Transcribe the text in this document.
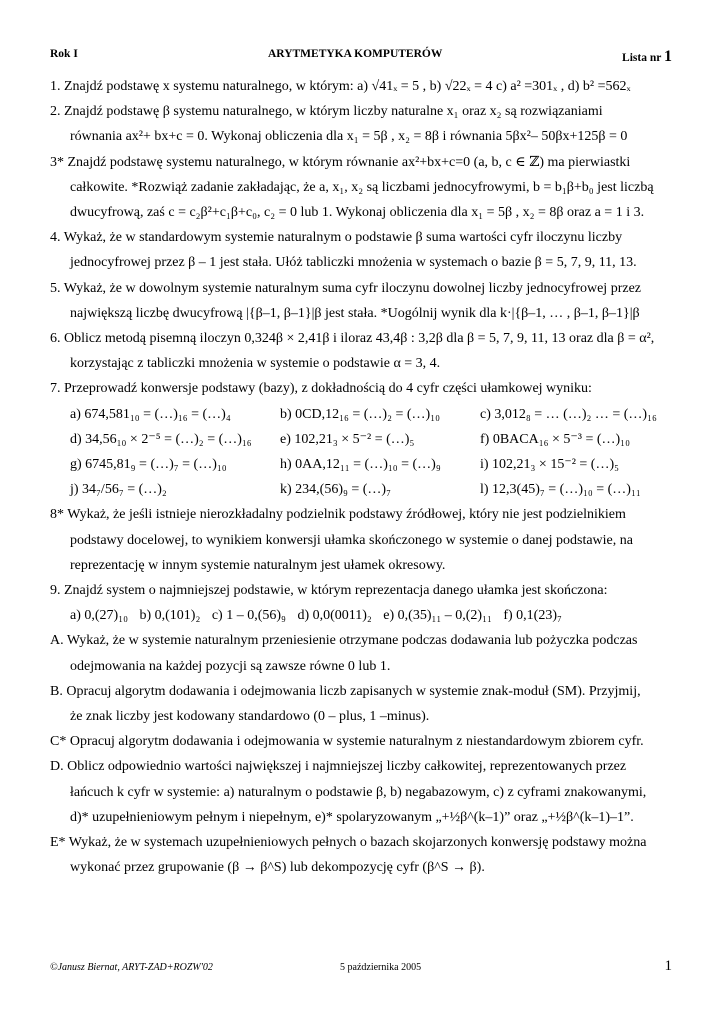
Rok I	ARYTMETYKA KOMPUTERÓW	Lista nr 1
1. Znajdź podstawę x systemu naturalnego, w którym: a) √41ₓ = 5 , b) √22ₓ = 4 c) a² =301ₓ , d) b² =562ₓ
2. Znajdź podstawę β systemu naturalnego, w którym liczby naturalne x₁ oraz x₂ są rozwiązaniami
równania ax²+ bx+c = 0. Wykonaj obliczenia dla x₁ = 5β , x₂ = 8β i równania 5βx²– 50βx+125β = 0
3* Znajdź podstawę systemu naturalnego, w którym równanie ax²+bx+c=0 (a, b, c ∈ ℤ) ma pierwiastki
całkowite. *Rozwiąż zadanie zakładając, że a, x₁, x₂ są liczbami jednocyfrowymi, b = b₁β+b₀ jest liczbą
dwucyfrową, zaś c = c₂β²+c₁β+c₀, c₂ = 0 lub 1. Wykonaj obliczenia dla x₁ = 5β , x₂ = 8β oraz a = 1 i 3.
4. Wykaż, że w standardowym systemie naturalnym o podstawie β suma wartości cyfr iloczynu liczby
jednocyfrowej przez β – 1 jest stała. Ułóż tabliczki mnożenia w systemach o bazie β = 5, 7, 9, 11, 13.
5. Wykaż, że w dowolnym systemie naturalnym suma cyfr iloczynu dowolnej liczby jednocyfrowej przez
największą liczbę dwucyfrową |{β–1, β–1}|β jest stała. *Uogólnij wynik dla k·|{β–1, … , β–1, β–1}|β
6. Oblicz metodą pisemną iloczyn 0,324β × 2,41β i iloraz 43,4β : 3,2β dla β = 5, 7, 9, 11, 13 oraz dla β = α²,
korzystając z tabliczki mnożenia w systemie o podstawie α = 3, 4.
7. Przeprowadź konwersje podstawy (bazy), z dokładnością do 4 cyfr części ułamkowej wyniku:
a) 674,581₁₀ = (…)₁₆ = (…)₄	b) 0CD,12₁₆ = (…)₂ = (…)₁₀	c) 3,012₈ = … (…)₂ … = (…)₁₆
d) 34,56₁₀ × 2⁻⁵ = (…)₂ = (…)₁₆	e) 102,21₃ × 5⁻² = (…)₅	f) 0BACA₁₆ × 5⁻³ = (…)₁₀
g) 6745,81₉ = (…)₇ = (…)₁₀	h) 0AA,12₁₁ = (…)₁₀ = (…)₉	i) 102,21₃ × 15⁻² = (…)₅
j) 34₇/56₇ = (…)₂	k) 234,(56)₉ = (…)₇	l) 12,3(45)₇ = (…)₁₀ = (…)₁₁
8* Wykaż, że jeśli istnieje nierozkładalny podzielnik podstawy źródłowej, który nie jest podzielnikiem
podstawy docelowej, to wynikiem konwersji ułamka skończonego w systemie o danej podstawie, na
reprezentację w innym systemie naturalnym jest ułamek okresowy.
9. Znajdź system o najmniejszej podstawie, w którym reprezentacja danego ułamka jest skończona:
a) 0,(27)₁₀ b) 0,(101)₂ c) 1 – 0,(56)₉ d) 0,0(0011)₂ e) 0,(35)₁₁ – 0,(2)₁₁ f) 0,1(23)₇
A. Wykaż, że w systemie naturalnym przeniesienie otrzymane podczas dodawania lub pożyczka podczas
odejmowania na każdej pozycji są zawsze równe 0 lub 1.
B. Opracuj algorytm dodawania i odejmowania liczb zapisanych w systemie znak-moduł (SM). Przyjmij,
że znak liczby jest kodowany standardowo (0 – plus, 1 –minus).
C* Opracuj algorytm dodawania i odejmowania w systemie naturalnym z niestandardowym zbiorem cyfr.
D. Oblicz odpowiednio wartości największej i najmniejszej liczby całkowitej, reprezentowanych przez
łańcuch k cyfr w systemie: a) naturalnym o podstawie β, b) negabazowym, c) z cyframi znakowanymi,
d)* uzupełnieniowym pełnym i niepełnym, e)* spolaryzowanym „+½β^(k–1)” oraz „+½β^(k–1)–1”.
E* Wykaż, że w systemach uzupełnieniowych pełnych o bazach skojarzonych konwersję podstawy można
wykonać przez grupowanie (β → β^S) lub dekompozycję cyfr (β^S → β).
©Janusz Biernat, ARYT-ZAD+ROZW'02	5 października 2005	1
